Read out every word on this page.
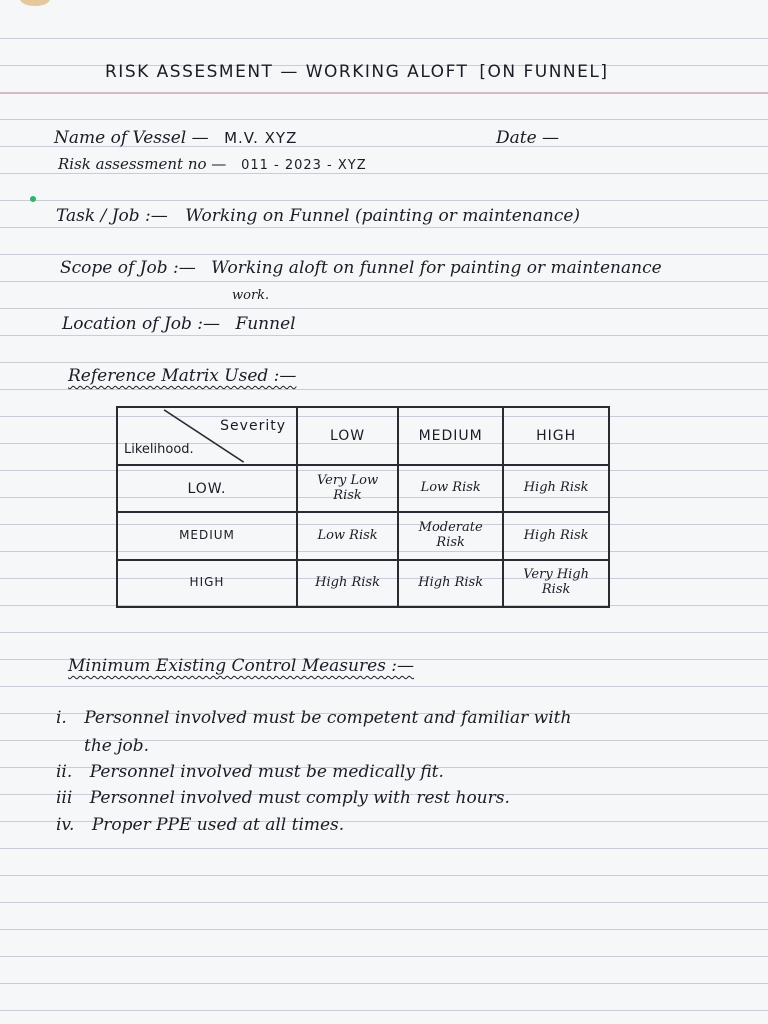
RISK ASSESMENT — WORKING ALOFT [ON FUNNEL]
Name of Vessel — M.V. XYZ	Date —
Risk assessment no — 011 - 2023 - XYZ
Task / Job :— Working on Funnel (painting or maintenance)
Scope of Job :— Working aloft on funnel for painting or maintenance
work.
Location of Job :— Funnel
Reference Matrix Used :—
Severity
Likelihood.	LOW	MEDIUM	HIGH
LOW.	Very Low Risk	Low Risk	High Risk
MEDIUM	Low Risk	Moderate Risk	High Risk
HIGH	High Risk	High Risk	Very High Risk
Minimum Existing Control Measures :—
i. Personnel involved must be competent and familiar with
the job.
ii. Personnel involved must be medically fit.
iii Personnel involved must comply with rest hours.
iv. Proper PPE used at all times.
